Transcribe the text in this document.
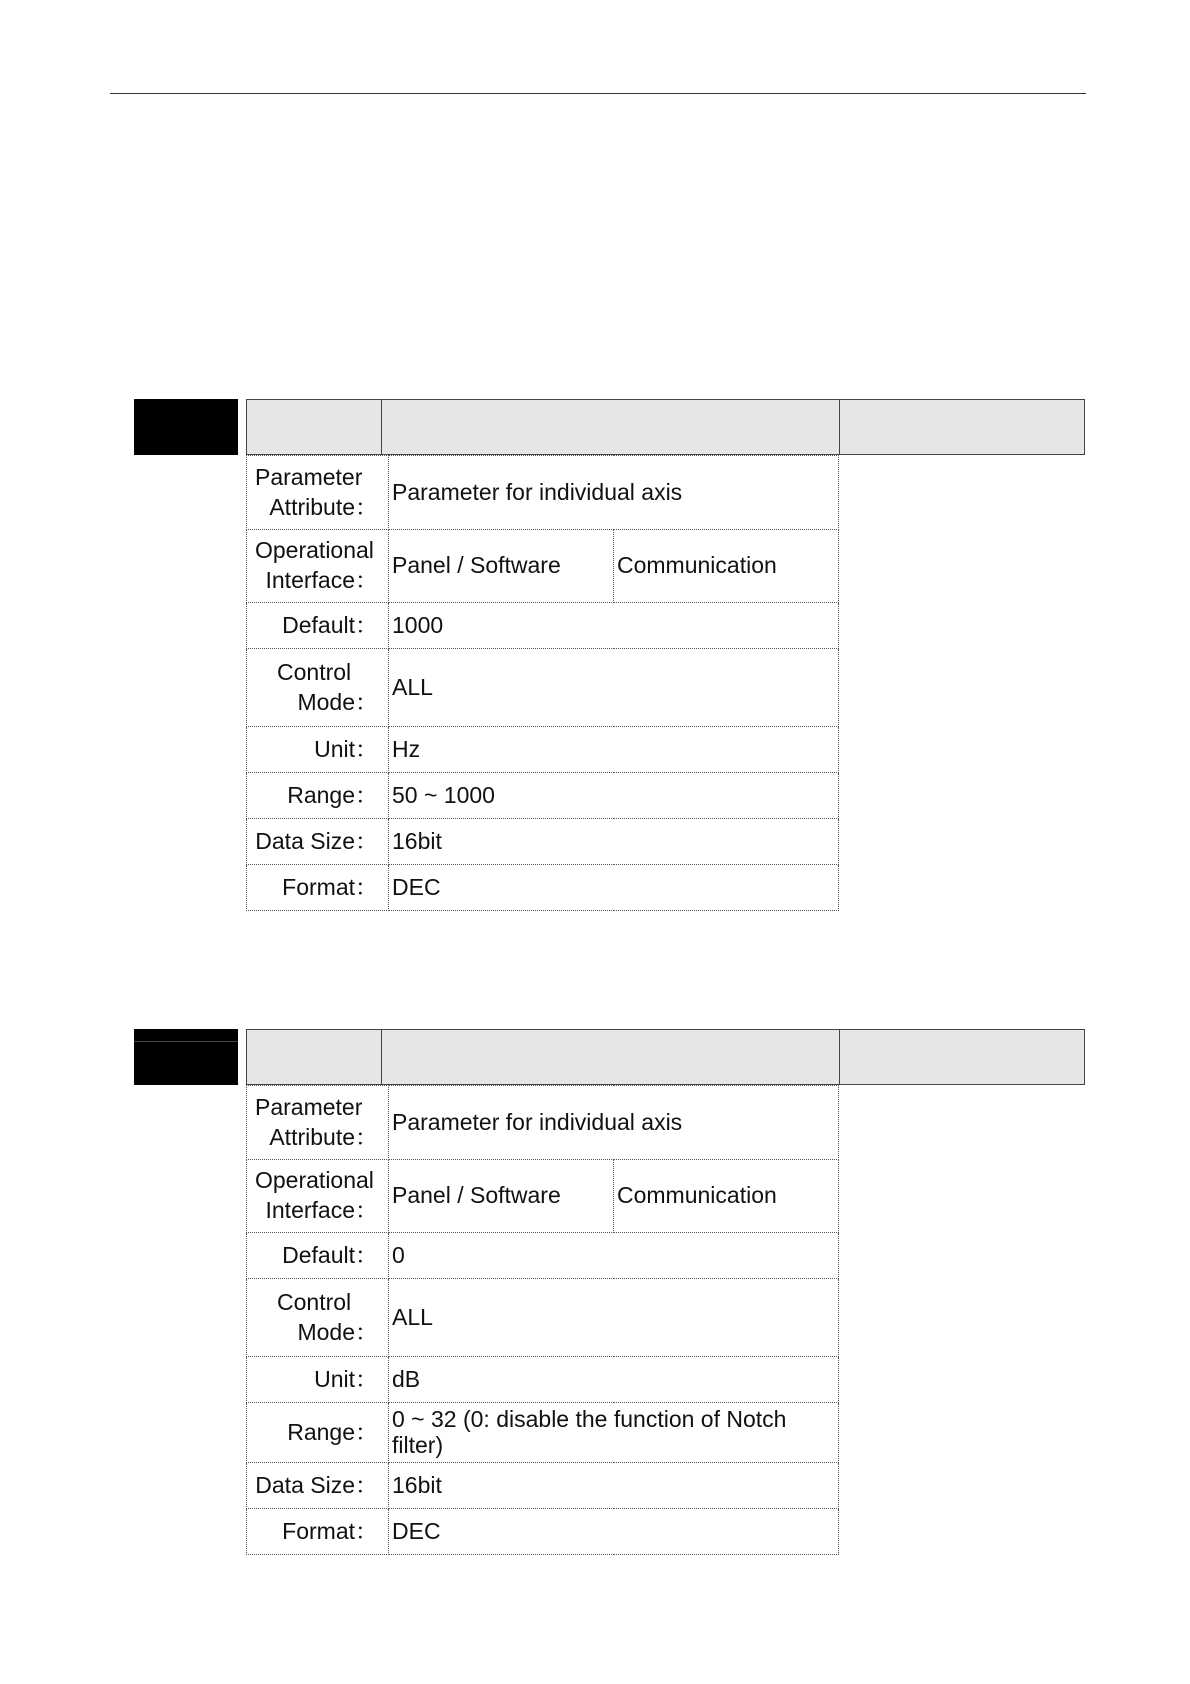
Parameter
Attribute：	Parameter for individual axis	

Operational
Interface：	Panel / Software	Communication
Default：	1000	

Control
Mode：	ALL	
Unit：	Hz	
Range：	50 ~ 1000	
Data Size：	16bit	
Format：	DEC	
Parameter
Attribute：	Parameter for individual axis	

Operational
Interface：	Panel / Software	Communication
Default：	0	

Control
Mode：	ALL	
Unit：	dB	
Range：	0 ~ 32 (0: disable the function of Notch filter)	
Data Size：	16bit	
Format：	DEC	
